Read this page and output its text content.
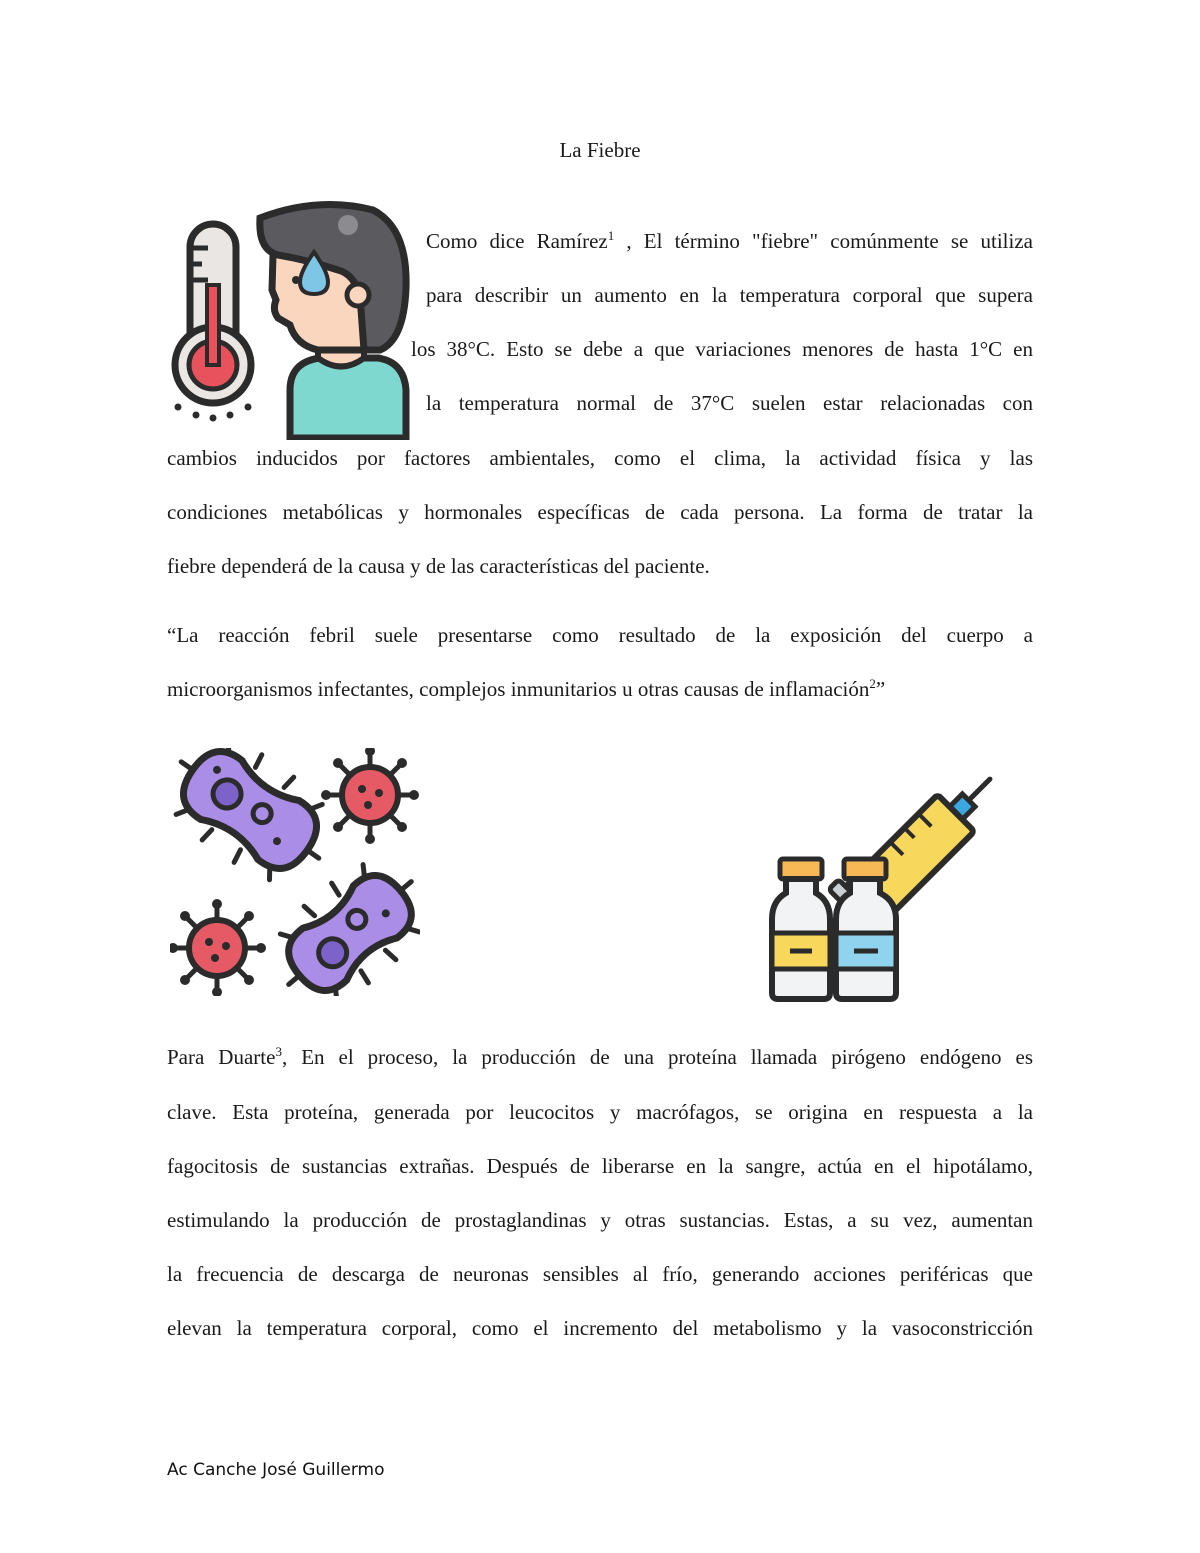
La Fiebre
Como dice Ramírez$^1$ , El término "fiebre" comúnmente se utiliza
para describir un aumento en la temperatura corporal que supera
los 38°C. Esto se debe a que variaciones menores de hasta 1°C en
la temperatura normal de 37°C suelen estar relacionadas con
cambios inducidos por factores ambientales, como el clima, la actividad física y las
condiciones metabólicas y hormonales específicas de cada persona. La forma de tratar la
fiebre dependerá de la causa y de las características del paciente.
“La reacción febril suele presentarse como resultado de la exposición del cuerpo a
microorganismos infectantes, complejos inmunitarios u otras causas de inflamación$^2$”
Para Duarte$^3$, En el proceso, la producción de una proteína llamada pirógeno endógeno es
clave. Esta proteína, generada por leucocitos y macrófagos, se origina en respuesta a la
fagocitosis de sustancias extrañas. Después de liberarse en la sangre, actúa en el hipotálamo,
estimulando la producción de prostaglandinas y otras sustancias. Estas, a su vez, aumentan
la frecuencia de descarga de neuronas sensibles al frío, generando acciones periféricas que
elevan la temperatura corporal, como el incremento del metabolismo y la vasoconstricción
Ac Canche José Guillermo
